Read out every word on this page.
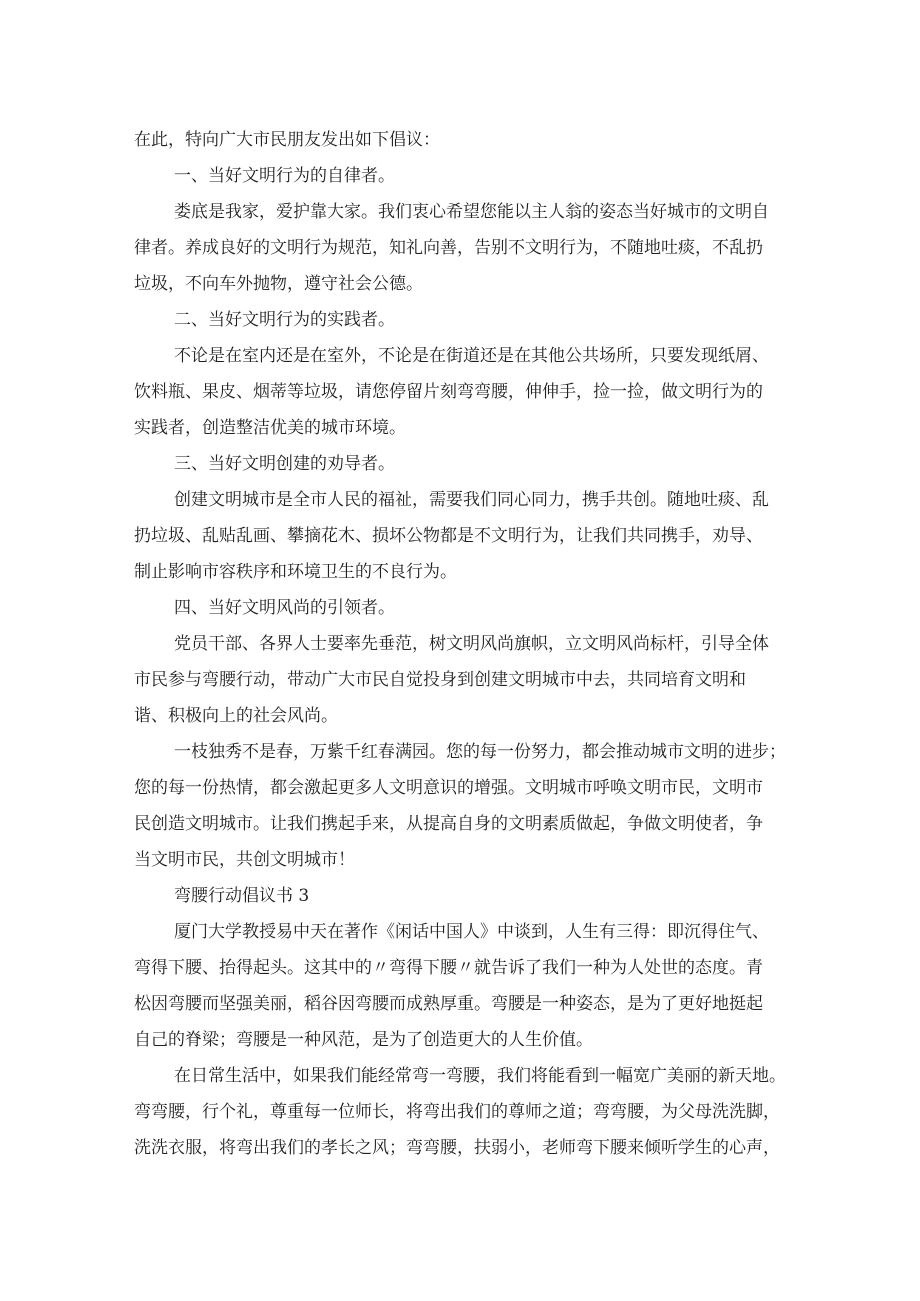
在此，特向广大市民朋友发出如下倡议：

一、当好文明行为的自律者。

娄底是我家，爱护靠大家。我们衷心希望您能以主人翁的姿态当好城市的文明自

律者。养成良好的文明行为规范，知礼向善，告别不文明行为，不随地吐痰，不乱扔

垃圾，不向车外抛物，遵守社会公德。

二、当好文明行为的实践者。

不论是在室内还是在室外，不论是在街道还是在其他公共场所，只要发现纸屑、

饮料瓶、果皮、烟蒂等垃圾，请您停留片刻弯弯腰，伸伸手，捡一捡，做文明行为的

实践者，创造整洁优美的城市环境。

三、当好文明创建的劝导者。

创建文明城市是全市人民的福祉，需要我们同心同力，携手共创。随地吐痰、乱

扔垃圾、乱贴乱画、攀摘花木、损坏公物都是不文明行为，让我们共同携手，劝导、

制止影响市容秩序和环境卫生的不良行为。

四、当好文明风尚的引领者。

党员干部、各界人士要率先垂范，树文明风尚旗帜，立文明风尚标杆，引导全体

市民参与弯腰行动，带动广大市民自觉投身到创建文明城市中去，共同培育文明和

谐、积极向上的社会风尚。

一枝独秀不是春，万紫千红春满园。您的每一份努力，都会推动城市文明的进步；

您的每一份热情，都会激起更多人文明意识的增强。文明城市呼唤文明市民，文明市

民创造文明城市。让我们携起手来，从提高自身的文明素质做起，争做文明使者，争

当文明市民，共创文明城市！

弯腰行动倡议书 3

厦门大学教授易中天在著作《闲话中国人》中谈到，人生有三得：即沉得住气、

弯得下腰、抬得起头。这其中的〃弯得下腰〃就告诉了我们一种为人处世的态度。青

松因弯腰而坚强美丽，稻谷因弯腰而成熟厚重。弯腰是一种姿态，是为了更好地挺起

自己的脊梁；弯腰是一种风范，是为了创造更大的人生价值。

在日常生活中，如果我们能经常弯一弯腰，我们将能看到一幅宽广美丽的新天地。

弯弯腰，行个礼，尊重每一位师长，将弯出我们的尊师之道；弯弯腰，为父母洗洗脚，

洗洗衣服，将弯出我们的孝长之风；弯弯腰，扶弱小，老师弯下腰来倾听学生的心声，
